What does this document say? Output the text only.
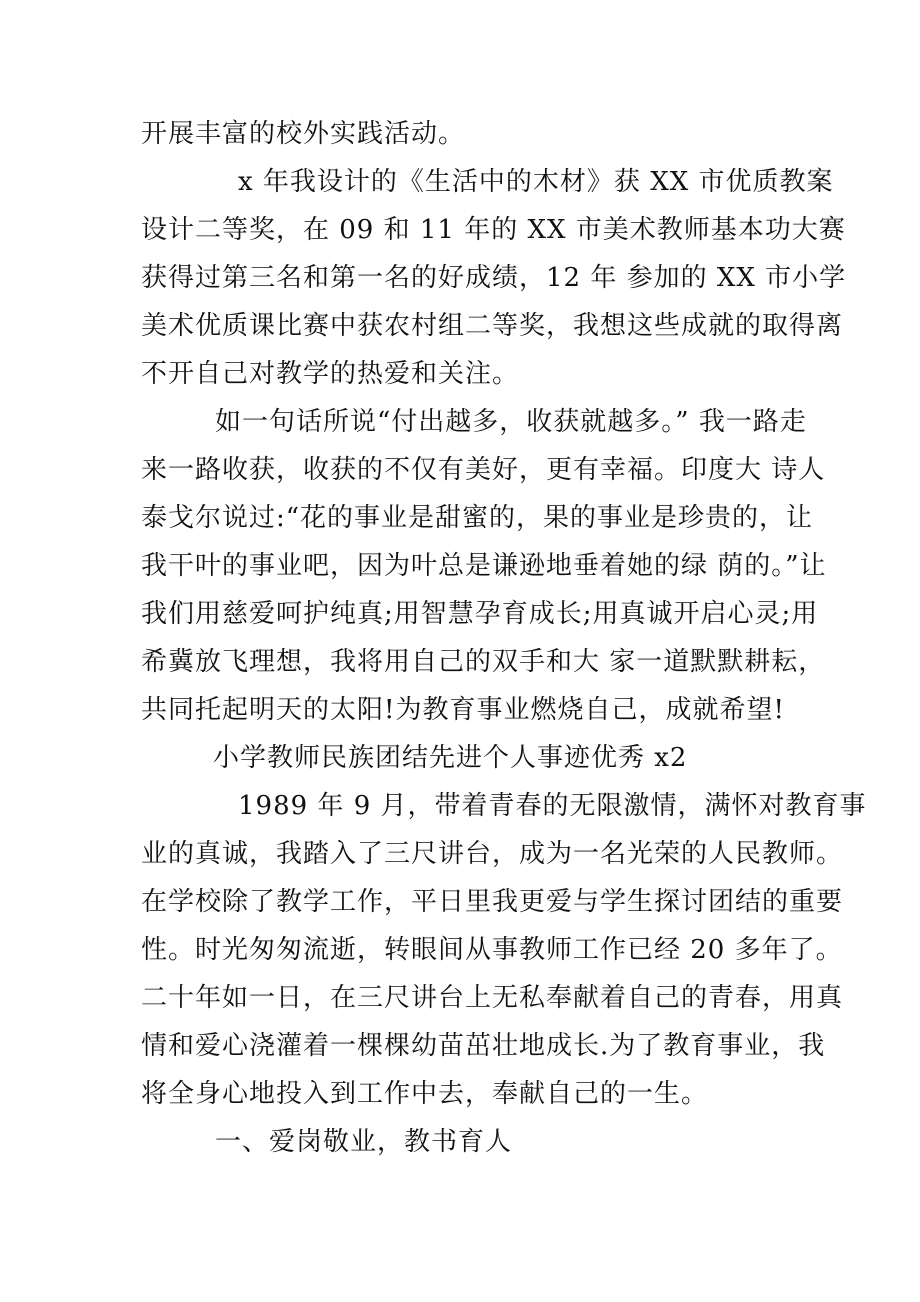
开展丰富的校外实践活动。
x 年我设计的《生活中的木材》获 XX 市优质教案
设计二等奖，在 09 和 11 年的 XX 市美术教师基本功大赛
获得过第三名和第一名的好成绩，12 年 参加的 XX 市小学
美术优质课比赛中获农村组二等奖，我想这些成就的取得离
不开自己对教学的热爱和关注。
如一句话所说“付出越多，收获就越多。” 我一路走
来一路收获，收获的不仅有美好，更有幸福。印度大 诗人
泰戈尔说过:“花的事业是甜蜜的，果的事业是珍贵的，让
我干叶的事业吧，因为叶总是谦逊地垂着她的绿 荫的。”让
我们用慈爱呵护纯真;用智慧孕育成长;用真诚开启心灵;用
希冀放飞理想，我将用自己的双手和大 家一道默默耕耘，
共同托起明天的太阳!为教育事业燃烧自己，成就希望!
小学教师民族团结先进个人事迹优秀 x2
1989 年 9 月，带着青春的无限激情，满怀对教育事
业的真诚，我踏入了三尺讲台，成为一名光荣的人民教师。
在学校除了教学工作，平日里我更爱与学生探讨团结的重要
性。时光匆匆流逝，转眼间从事教师工作已经 20 多年了。
二十年如一日，在三尺讲台上无私奉献着自己的青春，用真
情和爱心浇灌着一棵棵幼苗茁壮地成长.为了教育事业，我
将全身心地投入到工作中去，奉献自己的一生。
一、爱岗敬业，教书育人
